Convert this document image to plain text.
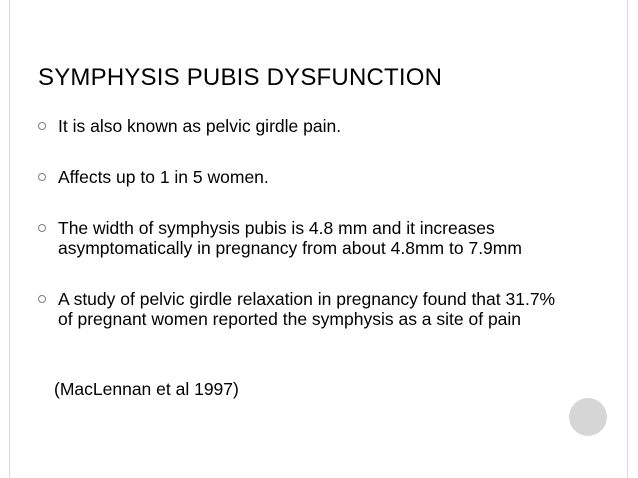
SYMPHYSIS PUBIS DYSFUNCTION
It is also known as pelvic girdle pain.
Affects up to 1 in 5 women.
The width of symphysis pubis is 4.8 mm and it increases asymptomatically in pregnancy from about 4.8mm to 7.9mm
A study of pelvic girdle relaxation in pregnancy found that 31.7% of pregnant women reported the symphysis as a site of pain
(MacLennan et al 1997)
